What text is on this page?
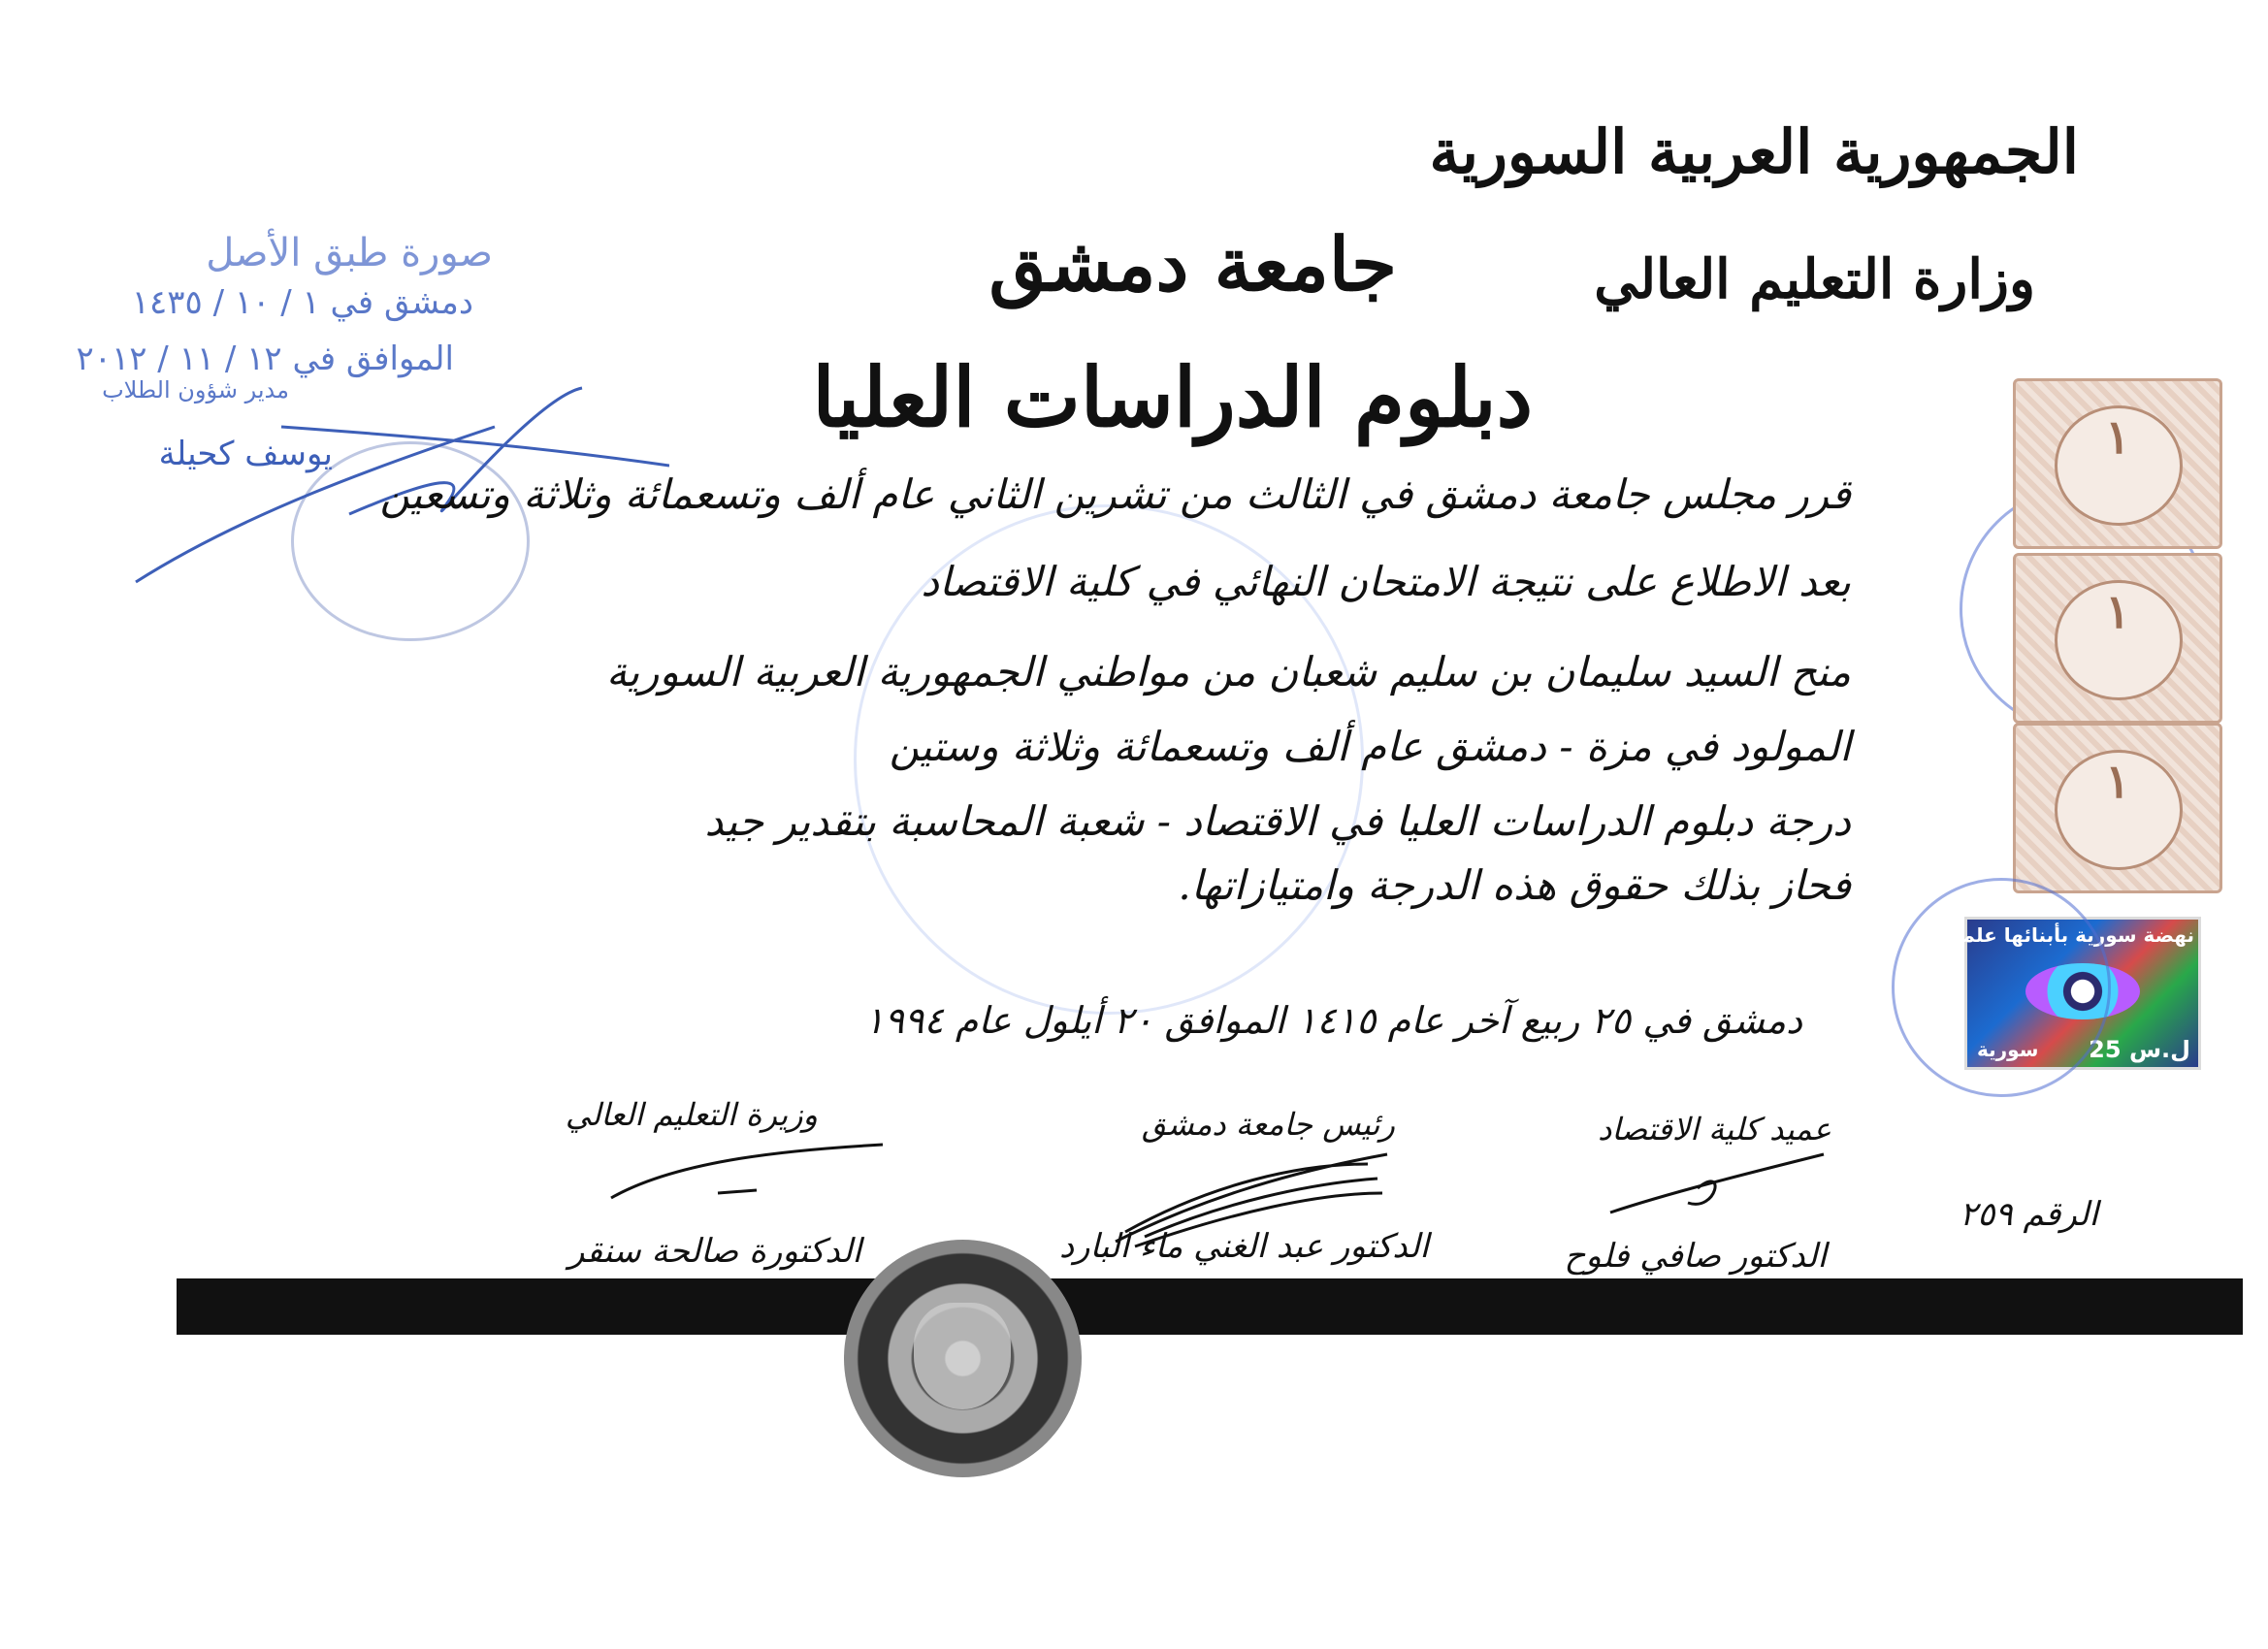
الجمهورية العربية السورية
وزارة التعليم العالي
جامعة دمشق
دبلوم الدراسات العليا
صورة طبق الأصل
دمشق في ١ / ١٠ / ١٤٣٥
الموافق في ١٢ / ١١ / ٢٠١٢
مدير شؤون الطلاب
يوسف كحيلة
قرر مجلس جامعة دمشق في الثالث من تشرين الثاني عام ألف وتسعمائة وثلاثة وتسعين
بعد الاطلاع على نتيجة الامتحان النهائي في كلية الاقتصاد
منح السيد سليمان بن سليم شعبان من مواطني الجمهورية العربية السورية
المولود في مزة - دمشق عام ألف وتسعمائة وثلاثة وستين
درجة دبلوم الدراسات العليا في الاقتصاد - شعبة المحاسبة بتقدير جيد
فحاز بذلك حقوق هذه الدرجة وامتيازاتها.
دمشق في ٢٥ ربيع آخر عام ١٤١٥ الموافق ٢٠ أيلول عام ١٩٩٤
وزيرة التعليم العالي	رئيس جامعة دمشق	عميد كلية الاقتصاد
الدكتورة صالحة سنقر	الدكتور عبد الغني ماء البارد	الدكتور صافي فلوح
الرقم ٢٥٩
١
١
١
نهضة سورية بأبنائها علماؤها
سورية 25 ل.س
